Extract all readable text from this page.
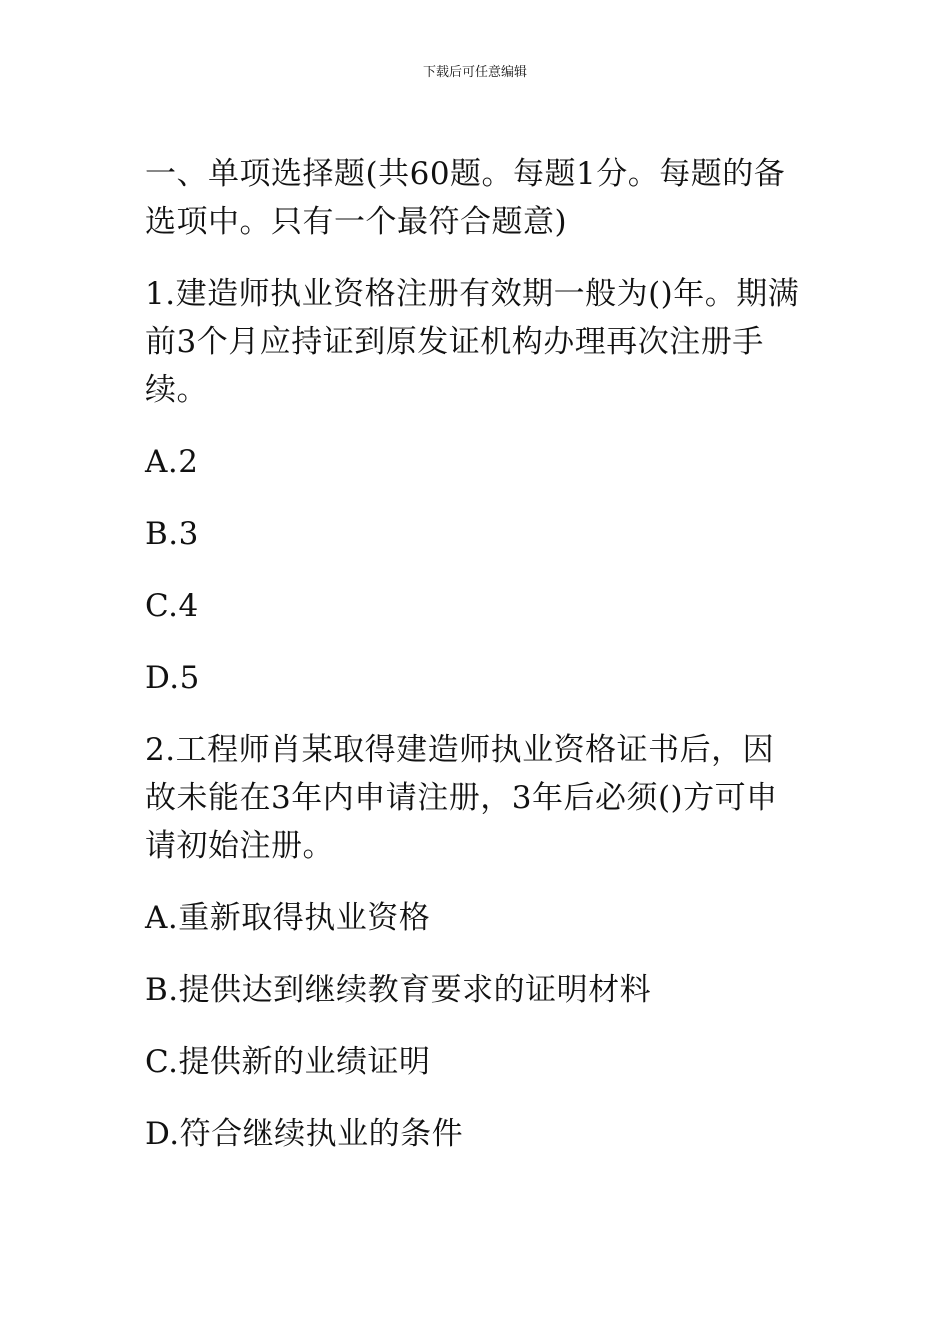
下载后可任意编辑

一、单项选择题(共60题。每题1分。每题的备选项中。只有一个最符合题意)

1.建造师执业资格注册有效期一般为()年。期满前3个月应持证到原发证机构办理再次注册手续。

A.2

B.3

C.4

D.5

2.工程师肖某取得建造师执业资格证书后，因故未能在3年内申请注册，3年后必须()方可申请初始注册。

A.重新取得执业资格

B.提供达到继续教育要求的证明材料

C.提供新的业绩证明

D.符合继续执业的条件
